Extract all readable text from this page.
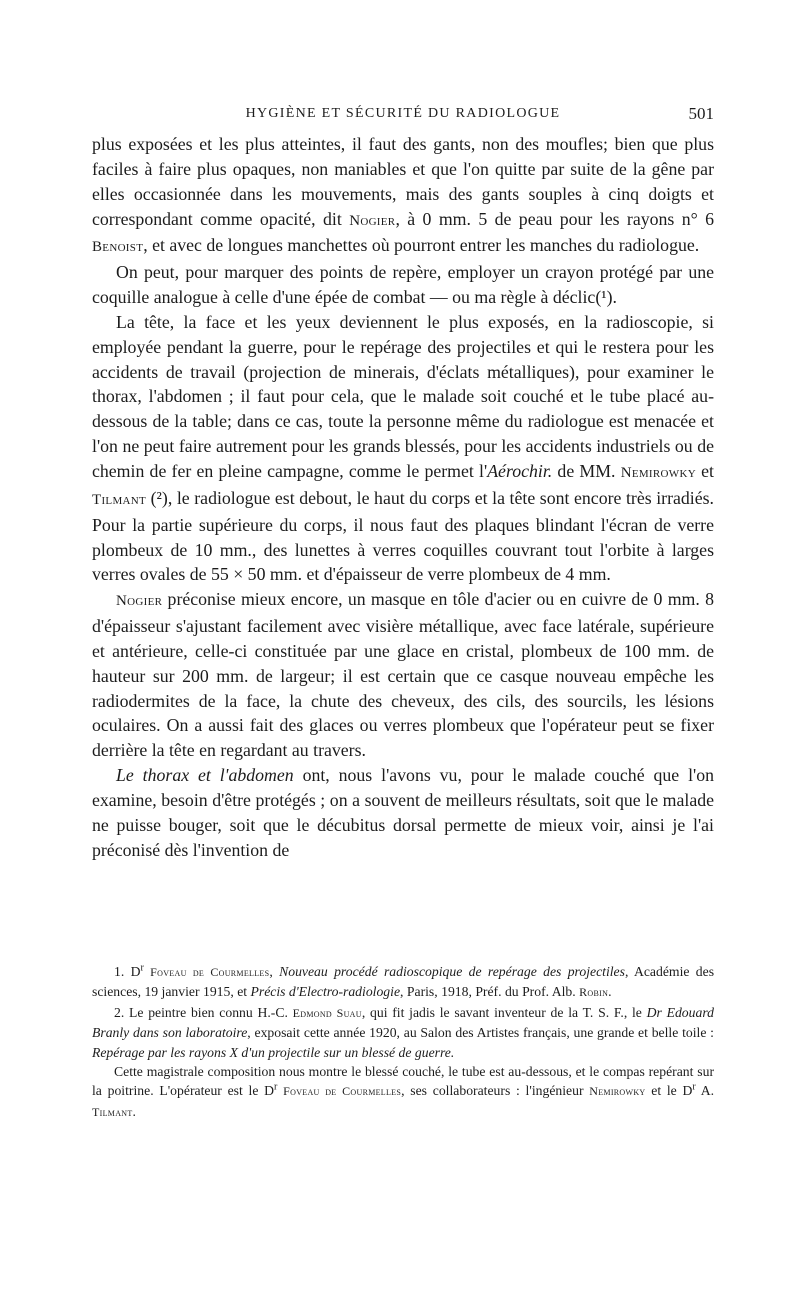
HYGIÈNE ET SÉCURITÉ DU RADIOLOGUE	501

plus exposées et les plus atteintes, il faut des gants, non des moufles; bien que plus faciles à faire plus opaques, non maniables et que l'on quitte par suite de la gêne par elles occasionnée dans les mouvements, mais des gants souples à cinq doigts et correspondant comme opacité, dit Nogier, à 0 mm. 5 de peau pour les rayons n° 6 Benoist, et avec de longues manchettes où pourront entrer les manches du radiologue.

On peut, pour marquer des points de repère, employer un crayon protégé par une coquille analogue à celle d'une épée de combat — ou ma règle à déclic(¹).

La tête, la face et les yeux deviennent le plus exposés, en la radioscopie, si employée pendant la guerre, pour le repérage des projectiles et qui le restera pour les accidents de travail (projection de minerais, d'éclats métalliques), pour examiner le thorax, l'abdomen ; il faut pour cela, que le malade soit couché et le tube placé au-dessous de la table; dans ce cas, toute la personne même du radiologue est menacée et l'on ne peut faire autrement pour les grands blessés, pour les accidents industriels ou de chemin de fer en pleine campagne, comme le permet l'Aérochir. de MM. Nemirowky et Tilmant (²), le radiologue est debout, le haut du corps et la tête sont encore très irradiés. Pour la partie supérieure du corps, il nous faut des plaques blindant l'écran de verre plombeux de 10 mm., des lunettes à verres coquilles couvrant tout l'orbite à larges verres ovales de 55 × 50 mm. et d'épaisseur de verre plombeux de 4 mm.

Nogier préconise mieux encore, un masque en tôle d'acier ou en cuivre de 0 mm. 8 d'épaisseur s'ajustant facilement avec visière métallique, avec face latérale, supérieure et antérieure, celle-ci constituée par une glace en cristal, plombeux de 100 mm. de hauteur sur 200 mm. de largeur; il est certain que ce casque nouveau empêche les radiodermites de la face, la chute des cheveux, des cils, des sourcils, les lésions oculaires. On a aussi fait des glaces ou verres plombeux que l'opérateur peut se fixer derrière la tête en regardant au travers.

Le thorax et l'abdomen ont, nous l'avons vu, pour le malade couché que l'on examine, besoin d'être protégés ; on a souvent de meilleurs résultats, soit que le malade ne puisse bouger, soit que le décubitus dorsal permette de mieux voir, ainsi je l'ai préconisé dès l'invention de

1. $D^r$ Foveau de Courmelles, Nouveau procédé radioscopique de repérage des projectiles, Académie des sciences, 19 janvier 1915, et Précis d'Electro-radiologie, Paris, 1918, Préf. du Prof. Alb. Robin.

2. Le peintre bien connu H.-C. Edmond Suau, qui fit jadis le savant inventeur de la T. S. F., le Dr Edouard Branly dans son laboratoire, exposait cette année 1920, au Salon des Artistes français, une grande et belle toile : Repérage par les rayons X d'un projectile sur un blessé de guerre.

Cette magistrale composition nous montre le blessé couché, le tube est au-dessous, et le compas repérant sur la poitrine. L'opérateur est le $D^r$ Foveau de Courmelles, ses collaborateurs : l'ingénieur Nemirowky et le $D^r$ A. Tilmant.
